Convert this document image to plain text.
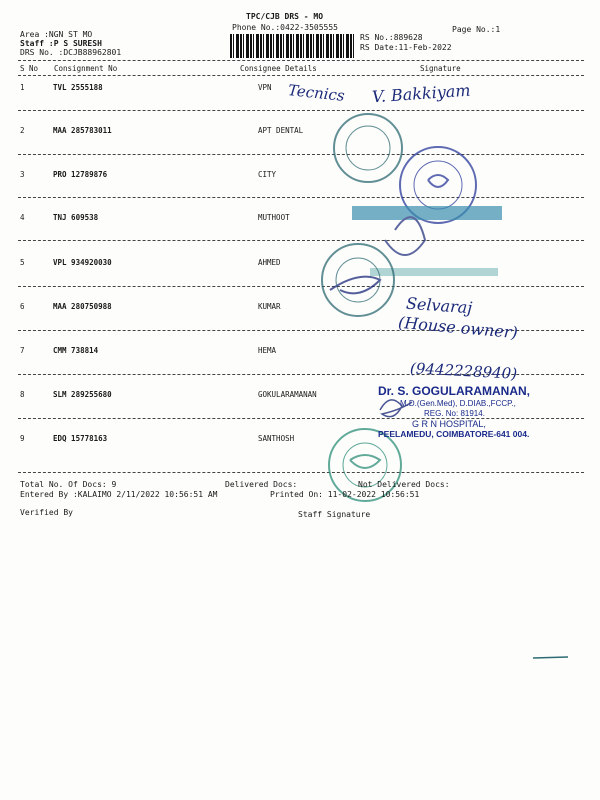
TPC/CJB DRS - MO
Phone No.:0422-3505555	Page No.:1
RS No.:889628
RS Date:11-Feb-2022
Area :NGN ST MO
Staff :P S SURESH
DRS No. :DCJB88962801
S No Consignment No	Consignee Details	Signature
1	TVL 2555188	VPN
2	MAA 285783011	APT DENTAL
3	PRO 12789876	CITY
4	TNJ 609538	MUTHOOT
5	VPL 934920030	AHMED
6	MAA 280750988	KUMAR
7	CMM 738814	HEMA
8	SLM 289255680	GOKULARAMANAN
9	EDQ 15778163	SANTHOSH
Tecnics V. Bakkiyam
Selvaraj
(House owner)
(9442228940)
Dr. S. GOGULARAMANAN,
M.D.(Gen.Med), D.DIAB.,FCCP.,
REG. No: 81914.
G R N HOSPITAL,
PEELAMEDU, COIMBATORE-641 004.
Total No. Of Docs: 9	Delivered Docs:	Not Delivered Docs:
Entered By :KALAIMO 2/11/2022 10:56:51 AM	Printed On: 11-02-2022 10:56:51
Verified By	Staff Signature
